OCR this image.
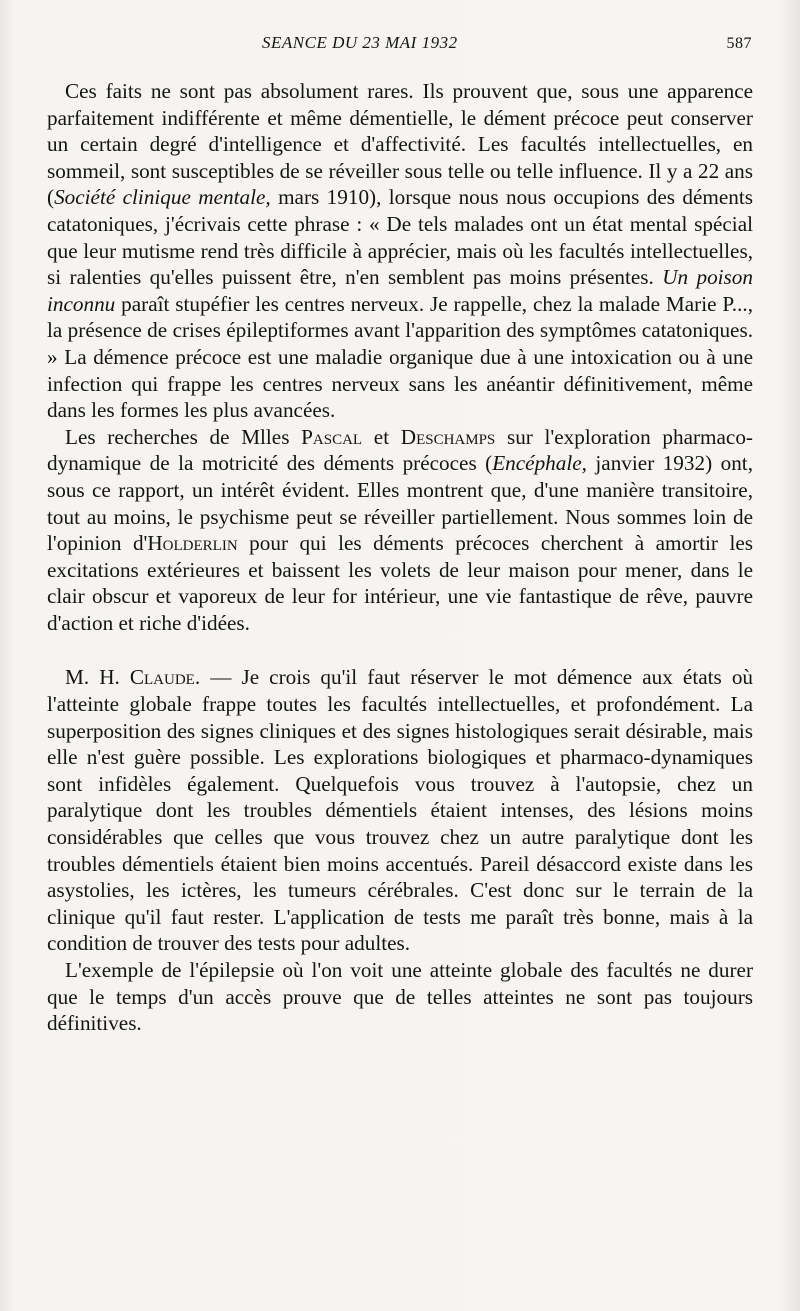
SEANCE DU 23 MAI 1932	587

Ces faits ne sont pas absolument rares. Ils prouvent que, sous une apparence parfaitement indifférente et même démentielle, le dément précoce peut conserver un certain degré d'intelligence et d'affectivité. Les facultés intellectuelles, en sommeil, sont susceptibles de se réveiller sous telle ou telle influence. Il y a 22 ans (Société clinique mentale, mars 1910), lorsque nous nous occupions des déments catatoniques, j'écrivais cette phrase : « De tels malades ont un état mental spécial que leur mutisme rend très difficile à apprécier, mais où les facultés intellectuelles, si ralenties qu'elles puissent être, n'en semblent pas moins présentes. Un poison inconnu paraît stupéfier les centres nerveux. Je rappelle, chez la malade Marie P..., la présence de crises épileptiformes avant l'apparition des symptômes catatoniques. » La démence précoce est une maladie organique due à une intoxication ou à une infection qui frappe les centres nerveux sans les anéantir définitivement, même dans les formes les plus avancées.

Les recherches de Mlles Pascal et Deschamps sur l'exploration pharmaco-dynamique de la motricité des déments précoces (Encéphale, janvier 1932) ont, sous ce rapport, un intérêt évident. Elles montrent que, d'une manière transitoire, tout au moins, le psychisme peut se réveiller partiellement. Nous sommes loin de l'opinion d'Holderlin pour qui les déments précoces cherchent à amortir les excitations extérieures et baissent les volets de leur maison pour mener, dans le clair obscur et vaporeux de leur for intérieur, une vie fantastique de rêve, pauvre d'action et riche d'idées.

M. H. Claude. — Je crois qu'il faut réserver le mot démence aux états où l'atteinte globale frappe toutes les facultés intellectuelles, et profondément. La superposition des signes cliniques et des signes histologiques serait désirable, mais elle n'est guère possible. Les explorations biologiques et pharmaco-dynamiques sont infidèles également. Quelquefois vous trouvez à l'autopsie, chez un paralytique dont les troubles démentiels étaient intenses, des lésions moins considérables que celles que vous trouvez chez un autre paralytique dont les troubles démentiels étaient bien moins accentués. Pareil désaccord existe dans les asystolies, les ictères, les tumeurs cérébrales. C'est donc sur le terrain de la clinique qu'il faut rester. L'application de tests me paraît très bonne, mais à la condition de trouver des tests pour adultes.

L'exemple de l'épilepsie où l'on voit une atteinte globale des facultés ne durer que le temps d'un accès prouve que de telles atteintes ne sont pas toujours définitives.
